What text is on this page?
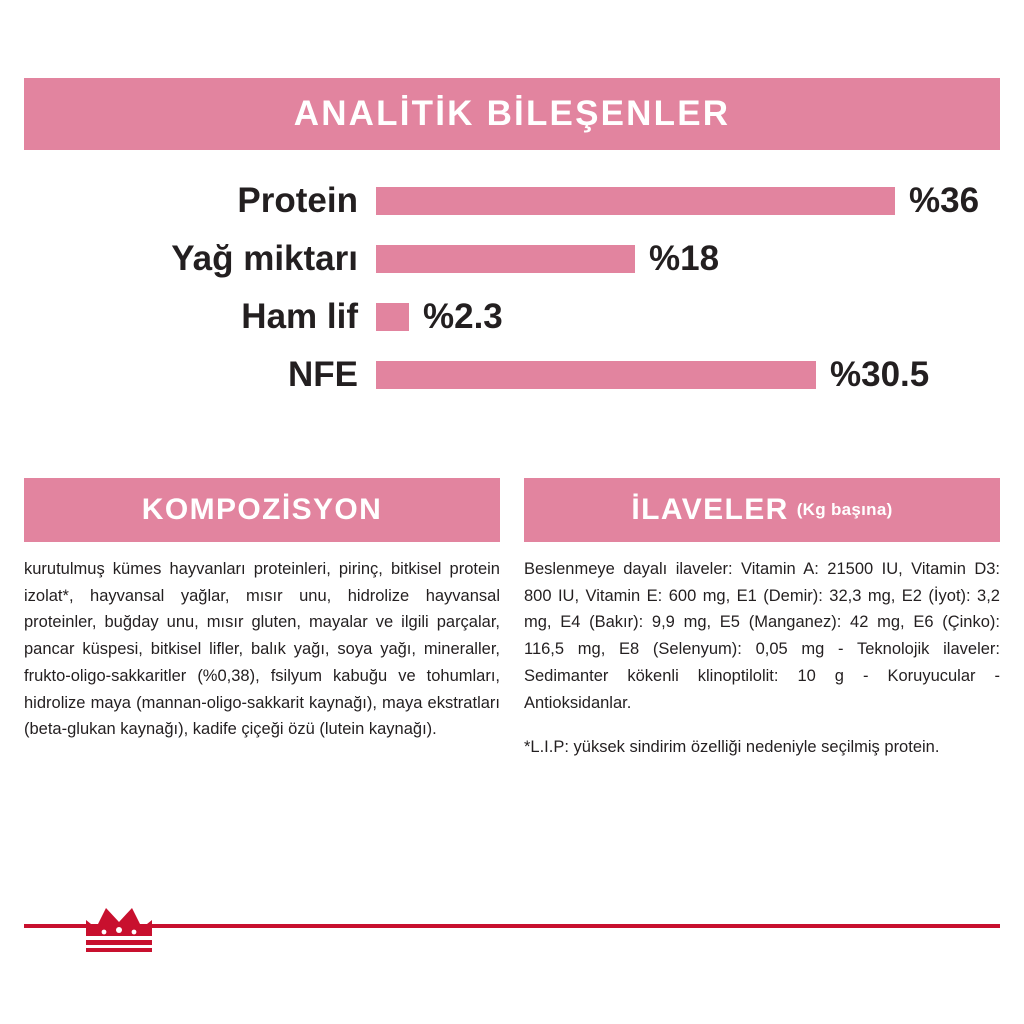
ANALİTİK BİLEŞENLER
Protein	%36
Yağ miktarı	%18
Ham lif	%2.3
NFE	%30.5
KOMPOZİSYON

kurutulmuş kümes hayvanları proteinleri, pirinç, bitkisel protein izolat*, hayvansal yağlar, mısır unu, hidrolize hayvansal proteinler, buğday unu, mısır gluten, mayalar ve ilgili parçalar, pancar küspesi, bitkisel lifler, balık yağı, soya yağı, mineraller, frukto-oligo-sakkaritler (%0,38), fsilyum kabuğu ve tohumları, hidrolize maya (mannan-oligo-sakkarit kaynağı), maya ekstratları (beta-glukan kaynağı), kadife çiçeği özü (lutein kaynağı).

İLAVELER (Kg başına)

Beslenmeye dayalı ilaveler: Vitamin A: 21500 IU, Vitamin D3: 800 IU, Vitamin E: 600 mg, E1 (Demir): 32,3 mg, E2 (İyot): 3,2 mg, E4 (Bakır): 9,9 mg, E5 (Manganez): 42 mg, E6 (Çinko): 116,5 mg, E8 (Selenyum): 0,05 mg - Teknolojik ilaveler: Sedimanter kökenli klinoptilolit: 10 g - Koruyucular - Antioksidanlar.

*L.I.P: yüksek sindirim özelliği nedeniyle seçilmiş protein.
